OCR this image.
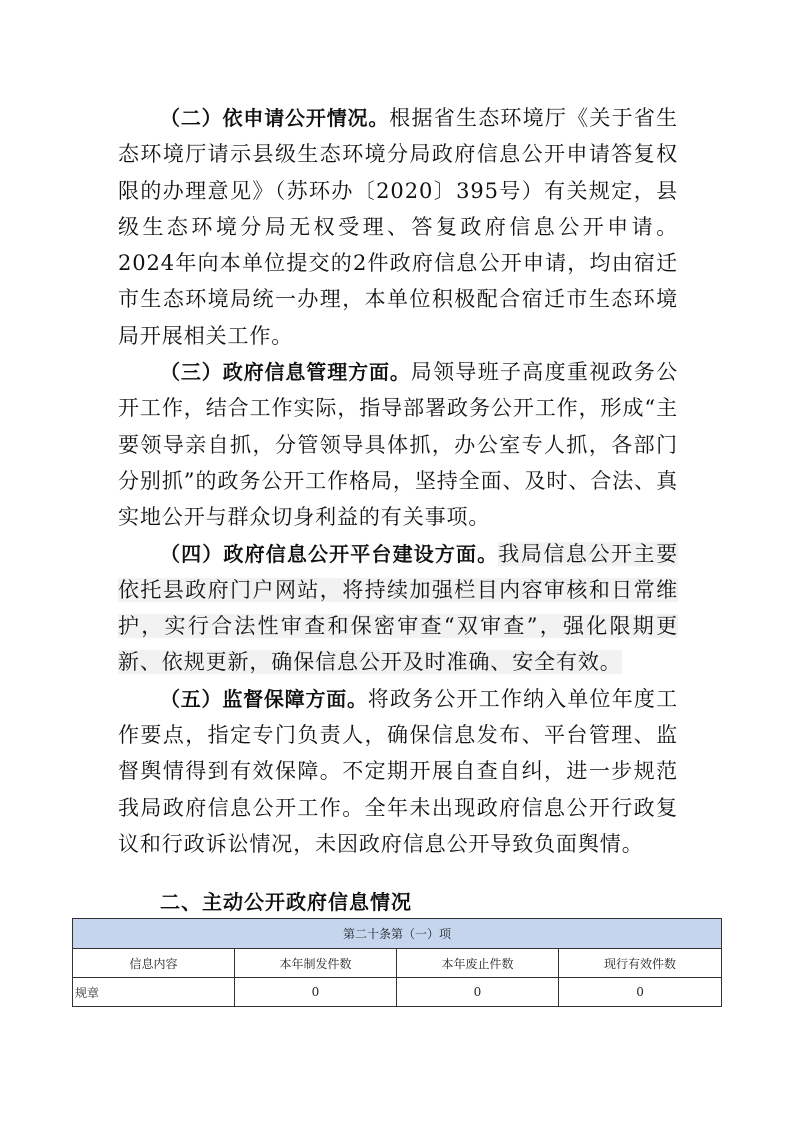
（二）依申请公开情况。根据省生态环境厅《关于省生态环境厅请示县级生态环境分局政府信息公开申请答复权限的办理意见》（苏环办〔2020〕395号）有关规定，县级生态环境分局无权受理、答复政府信息公开申请。2024年向本单位提交的2件政府信息公开申请，均由宿迁市生态环境局统一办理，本单位积极配合宿迁市生态环境局开展相关工作。

（三）政府信息管理方面。局领导班子高度重视政务公开工作，结合工作实际，指导部署政务公开工作，形成“主要领导亲自抓，分管领导具体抓，办公室专人抓，各部门分别抓”的政务公开工作格局，坚持全面、及时、合法、真实地公开与群众切身利益的有关事项。

（四）政府信息公开平台建设方面。我局信息公开主要依托县政府门户网站，将持续加强栏目内容审核和日常维护，实行合法性审查和保密审查“双审查”，强化限期更新、依规更新，确保信息公开及时准确、安全有效。

（五）监督保障方面。将政务公开工作纳入单位年度工作要点，指定专门负责人，确保信息发布、平台管理、监督舆情得到有效保障。不定期开展自查自纠，进一步规范我局政府信息公开工作。全年未出现政府信息公开行政复议和行政诉讼情况，未因政府信息公开导致负面舆情。

二、主动公开政府信息情况
第二十条第（一）项			
信息内容	本年制发件数	本年废止件数	现行有效件数
规章	0	0	0
